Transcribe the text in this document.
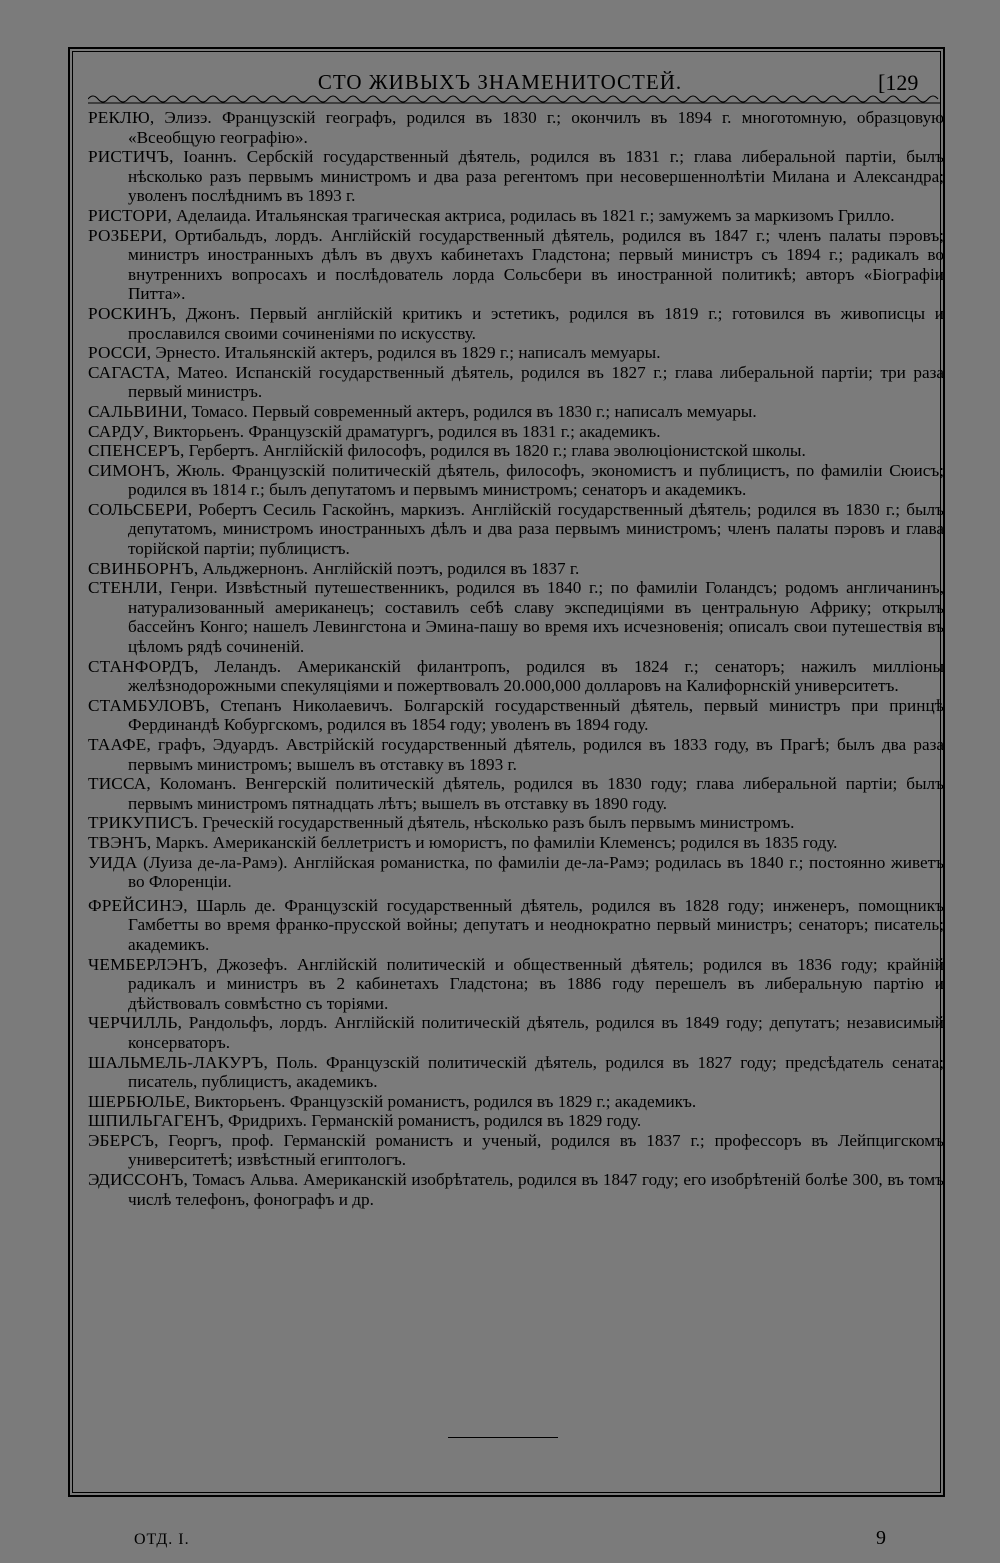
СТО ЖИВЫХЪ ЗНАМЕНИТОСТЕЙ.	[129

РЕКЛЮ, Элизэ. Французскій географъ, родился въ 1830 г.; окончилъ въ 1894 г. многотомную, образцовую «Всеобщую географію».

РИСТИЧЪ, Іоаннъ. Сербскій государственный дѣятель, родился въ 1831 г.; глава либеральной партіи, былъ нѣсколько разъ первымъ министромъ и два раза регентомъ при несовершеннолѣтіи Милана и Александра; уволенъ послѣднимъ въ 1893 г.

РИСТОРИ, Аделаида. Итальянская трагическая актриса, родилась въ 1821 г.; замужемъ за маркизомъ Грилло.

РОЗБЕРИ, Ортибальдъ, лордъ. Англійскій государственный дѣятель, родился въ 1847 г.; членъ палаты пэровъ; министръ иностранныхъ дѣлъ въ двухъ кабинетахъ Гладстона; первый министръ съ 1894 г.; радикалъ во внутреннихъ вопросахъ и послѣдователь лорда Сольсбери въ иностранной политикѣ; авторъ «Біографіи Питта».

РОСКИНЪ, Джонъ. Первый англійскій критикъ и эстетикъ, родился въ 1819 г.; готовился въ живописцы и прославился своими сочиненіями по искусству.

РОССИ, Эрнесто. Итальянскій актеръ, родился въ 1829 г.; написалъ мемуары.

САГАСТА, Матео. Испанскій государственный дѣятель, родился въ 1827 г.; глава либеральной партіи; три раза первый министръ.

САЛЬВИНИ, Томасо. Первый современный актеръ, родился въ 1830 г.; написалъ мемуары.

САРДУ, Викторьенъ. Французскій драматургъ, родился въ 1831 г.; академикъ.

СПЕНСЕРЪ, Гербертъ. Англійскій философъ, родился въ 1820 г.; глава эволюціонистской школы.

СИМОНЪ, Жюль. Французскій политическій дѣятель, философъ, экономистъ и публицистъ, по фамиліи Сюисъ; родился въ 1814 г.; былъ депутатомъ и первымъ министромъ; сенаторъ и академикъ.

СОЛЬСБЕРИ, Робертъ Сесиль Гаскойнъ, маркизъ. Англійскій государственный дѣятель; родился въ 1830 г.; былъ депутатомъ, министромъ иностранныхъ дѣлъ и два раза первымъ министромъ; членъ палаты пэровъ и глава торійской партіи; публицистъ.

СВИНБОРНЪ, Альджернонъ. Англійскій поэтъ, родился въ 1837 г.

СТЕНЛИ, Генри. Извѣстный путешественникъ, родился въ 1840 г.; по фамиліи Голандсъ; родомъ англичанинъ, натурализованный американецъ; составилъ себѣ славу экспедиціями въ центральную Африку; открылъ бассейнъ Конго; нашелъ Левингстона и Эмина-пашу во время ихъ исчезновенія; описалъ свои путешествія въ цѣломъ рядѣ сочиненій.

СТАНФОРДЪ, Леландъ. Американскій филантропъ, родился въ 1824 г.; сенаторъ; нажилъ милліоны желѣзнодорожными спекуляціями и пожертвовалъ 20.000,000 долларовъ на Калифорнскій университетъ.

СТАМБУЛОВЪ, Степанъ Николаевичъ. Болгарскій государственный дѣятель, первый министръ при принцѣ Фердинандѣ Кобургскомъ, родился въ 1854 году; уволенъ въ 1894 году.

ТААФЕ, графъ, Эдуардъ. Австрійскій государственный дѣятель, родился въ 1833 году, въ Прагѣ; былъ два раза первымъ министромъ; вышелъ въ отставку въ 1893 г.

ТИССА, Коломанъ. Венгерскій политическій дѣятель, родился въ 1830 году; глава либеральной партіи; былъ первымъ министромъ пятнадцать лѣтъ; вышелъ въ отставку въ 1890 году.

ТРИКУПИСЪ. Греческій государственный дѣятель, нѣсколько разъ былъ первымъ министромъ.

ТВЭНЪ, Маркъ. Американскій беллетристъ и юмористъ, по фамиліи Клеменсъ; родился въ 1835 году.

УИДА (Луиза де-ла-Рамэ). Англійская романистка, по фамиліи де-ла-Рамэ; родилась въ 1840 г.; постоянно живетъ во Флоренціи.

ФРЕЙСИНЭ, Шарль де. Французскій государственный дѣятель, родился въ 1828 году; инженеръ, помощникъ Гамбетты во время франко-прусской войны; депутатъ и неоднократно первый министръ; сенаторъ; писатель; академикъ.

ЧЕМБЕРЛЭНЪ, Джозефъ. Англійскій политическій и общественный дѣятель; родился въ 1836 году; крайній радикалъ и министръ въ 2 кабинетахъ Гладстона; въ 1886 году перешелъ въ либеральную партію и дѣйствовалъ совмѣстно съ торіями.

ЧЕРЧИЛЛЬ, Рандольфъ, лордъ. Англійскій политическій дѣятель, родился въ 1849 году; депутатъ; независимый консерваторъ.

ШАЛЬМЕЛЬ-ЛАКУРЪ, Поль. Французскій политическій дѣятель, родился въ 1827 году; предсѣдатель сената; писатель, публицистъ, академикъ.

ШЕРБЮЛЬЕ, Викторьенъ. Французскій романистъ, родился въ 1829 г.; академикъ.

ШПИЛЬГАГЕНЪ, Фридрихъ. Германскій романистъ, родился въ 1829 году.

ЭБЕРСЪ, Георгъ, проф. Германскій романистъ и ученый, родился въ 1837 г.; профессоръ въ Лейпцигскомъ университетѣ; извѣстный египтологъ.

ЭДИССОНЪ, Томасъ Альва. Американскій изобрѣтатель, родился въ 1847 году; его изобрѣтеній болѣе 300, въ томъ числѣ телефонъ, фонографъ и др.

ОТД. I.	9
